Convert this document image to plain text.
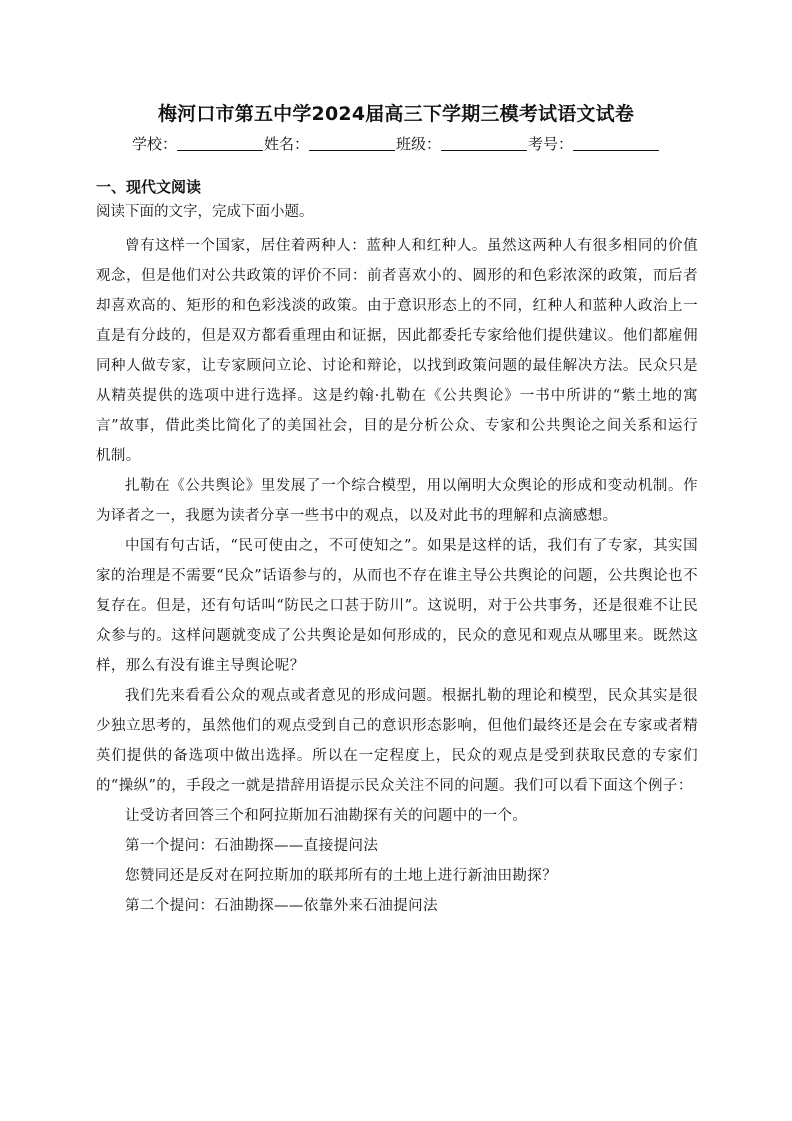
梅河口市第五中学2024届高三下学期三模考试语文试卷
学校：	姓名：	班级：	考号：
一、现代文阅读
阅读下面的文字，完成下面小题。

曾有这样一个国家，居住着两种人：蓝种人和红种人。虽然这两种人有很多相同的价值观念，但是他们对公共政策的评价不同：前者喜欢小的、圆形的和色彩浓深的政策，而后者却喜欢高的、矩形的和色彩浅淡的政策。由于意识形态上的不同，红种人和蓝种人政治上一直是有分歧的，但是双方都看重理由和证据，因此都委托专家给他们提供建议。他们都雇佣同种人做专家，让专家顾问立论、讨论和辩论，以找到政策问题的最佳解决方法。民众只是从精英提供的选项中进行选择。这是约翰·扎勒在《公共舆论》一书中所讲的“紫土地的寓言”故事，借此类比简化了的美国社会，目的是分析公众、专家和公共舆论之间关系和运行机制。

扎勒在《公共舆论》里发展了一个综合模型，用以阐明大众舆论的形成和变动机制。作为译者之一，我愿为读者分享一些书中的观点，以及对此书的理解和点滴感想。

中国有句古话，“民可使由之，不可使知之”。如果是这样的话，我们有了专家，其实国家的治理是不需要“民众”话语参与的，从而也不存在谁主导公共舆论的问题，公共舆论也不复存在。但是，还有句话叫“防民之口甚于防川”。这说明，对于公共事务，还是很难不让民众参与的。这样问题就变成了公共舆论是如何形成的，民众的意见和观点从哪里来。既然这样，那么有没有谁主导舆论呢？

我们先来看看公众的观点或者意见的形成问题。根据扎勒的理论和模型，民众其实是很少独立思考的，虽然他们的观点受到自己的意识形态影响，但他们最终还是会在专家或者精英们提供的备选项中做出选择。所以在一定程度上，民众的观点是受到获取民意的专家们的“操纵”的，手段之一就是措辞用语提示民众关注不同的问题。我们可以看下面这个例子：

让受访者回答三个和阿拉斯加石油勘探有关的问题中的一个。

第一个提问：石油勘探——直接提问法

您赞同还是反对在阿拉斯加的联邦所有的土地上进行新油田勘探？

第二个提问：石油勘探——依靠外来石油提问法
